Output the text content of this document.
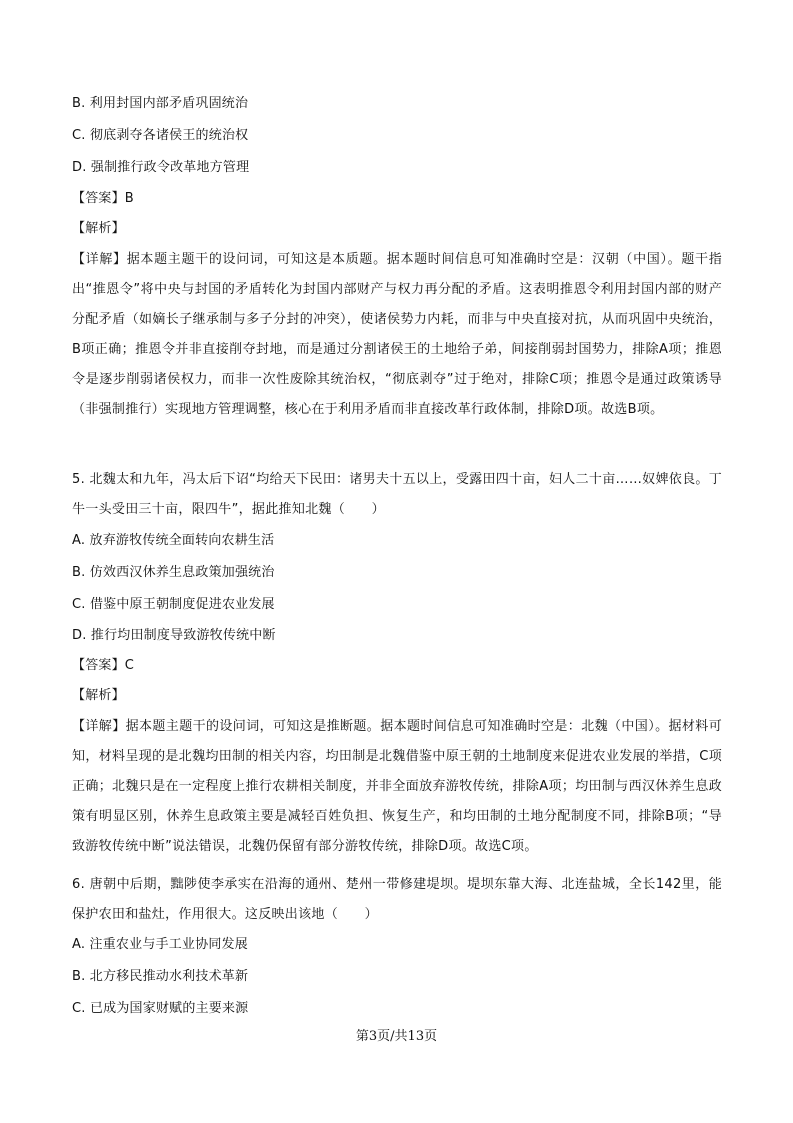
B. 利用封国内部矛盾巩固统治
C. 彻底剥夺各诸侯王的统治权
D. 强制推行政令改革地方管理
【答案】B
【解析】
【详解】据本题主题干的设问词，可知这是本质题。据本题时间信息可知准确时空是：汉朝（中国）。题干指出“推恩令”将中央与封国的矛盾转化为封国内部财产与权力再分配的矛盾。这表明推恩令利用封国内部的财产分配矛盾（如嫡长子继承制与多子分封的冲突），使诸侯势力内耗，而非与中央直接对抗，从而巩固中央统治，B项正确；推恩令并非直接削夺封地，而是通过分割诸侯王的土地给子弟，间接削弱封国势力，排除A项；推恩令是逐步削弱诸侯权力，而非一次性废除其统治权，“彻底剥夺”过于绝对，排除C项；推恩令是通过政策诱导（非强制推行）实现地方管理调整，核心在于利用矛盾而非直接改革行政体制，排除D项。故选B项。
5. 北魏太和九年，冯太后下诏“均给天下民田：诸男夫十五以上，受露田四十亩，妇人二十亩……奴婢依良。丁牛一头受田三十亩，限四牛”，据此推知北魏（　　）
A. 放弃游牧传统全面转向农耕生活
B. 仿效西汉休养生息政策加强统治
C. 借鉴中原王朝制度促进农业发展
D. 推行均田制度导致游牧传统中断
【答案】C
【解析】
【详解】据本题主题干的设问词，可知这是推断题。据本题时间信息可知准确时空是：北魏（中国）。据材料可知，材料呈现的是北魏均田制的相关内容，均田制是北魏借鉴中原王朝的土地制度来促进农业发展的举措，C项正确；北魏只是在一定程度上推行农耕相关制度，并非全面放弃游牧传统，排除A项；均田制与西汉休养生息政策有明显区别，休养生息政策主要是减轻百姓负担、恢复生产，和均田制的土地分配制度不同，排除B项；“导致游牧传统中断”说法错误，北魏仍保留有部分游牧传统，排除D项。故选C项。
6. 唐朝中后期，黜陟使李承实在沿海的通州、楚州一带修建堤坝。堤坝东靠大海、北连盐城，全长142里，能保护农田和盐灶，作用很大。这反映出该地（　　）
A. 注重农业与手工业协同发展
B. 北方移民推动水利技术革新
C. 已成为国家财赋的主要来源
第3页/共13页
